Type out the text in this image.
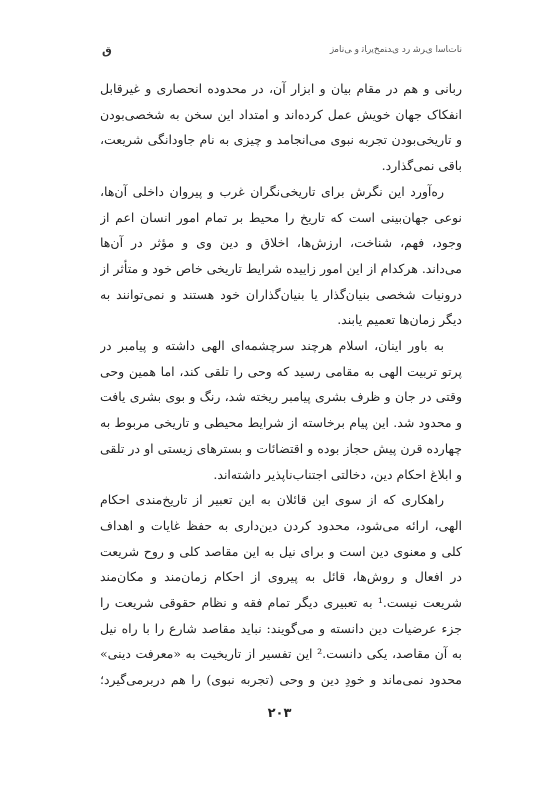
ﻕ	ناتﺎﺳﺍ ﯼﺮﺷ ﺭﺩ ﯼﺪﻨﻣﺦﯾﺭﺎﺗ ﻭ ﯽﻧﺎﻣﺯ

ربانی و هم در مقام بیان و ابزار آن، در محدوده انحصاری و غیرقابل انفکاک جهان خویش عمل کرده‌اند و امتداد این سخن به شخصی‌بودن و تاریخی‌بودن تجربه نبوی می‌انجامد و چیزی به نام جاودانگی شریعت، باقی نمی‌گذارد.

ره‌آورد این نگرش برای تاریخی‌نگران غرب و پیروان داخلی آن‌ها، نوعی جهان‌بینی است که تاریخ را محیط بر تمام امور انسان اعم از وجود، فهم، شناخت، ارزش‌ها، اخلاق و دین وی و مؤثر در آن‌ها می‌داند. هرکدام از این امور زاییده شرایط تاریخی خاص خود و متأثر از درونیات شخصی بنیان‌گذار یا بنیان‌گذاران خود هستند و نمی‌توانند به دیگر زمان‌ها تعمیم یابند.

به باور اینان، اسلام هرچند سرچشمه‌ای الهی داشته و پیامبر در پرتو تربیت الهی به مقامی رسید که وحی را تلقی کند، اما همین وحی وقتی در جان و ظرف بشری پیامبر ریخته شد، رنگ و بوی بشری یافت و محدود شد. این پیام برخاسته از شرایط محیطی و تاریخی مربوط به چهارده قرن پیش حجاز بوده و اقتضائات و بسترهای زیستی او در تلقی و ابلاغ احکام دین، دخالتی اجتناب‌ناپذیر داشته‌اند.

راهکاری که از سوی این قائلان به این تعبیر از تاریخ‌مندی احکام الهی، ارائه می‌شود، محدود کردن دین‌داری به حفظ غایات و اهداف کلی و معنوی دین است و برای نیل به این مقاصد کلی و روح شریعت در افعال و روش‌ها، قائل به پیروی از احکام زمان‌مند و مکان‌مند شریعت نیست.¹ به تعبیری دیگر تمام فقه و نظام حقوقی شریعت را جزء عرضیات دین دانسته و می‌گویند: نباید مقاصد شارع را با راه نیل به آن مقاصد، یکی دانست.² این تفسیر از تاریخیت به «معرفت دینی» محدود نمی‌ماند و خودِ دین و وحی (تجربه نبوی) را هم دربرمی‌گیرد؛

۲۰۳
